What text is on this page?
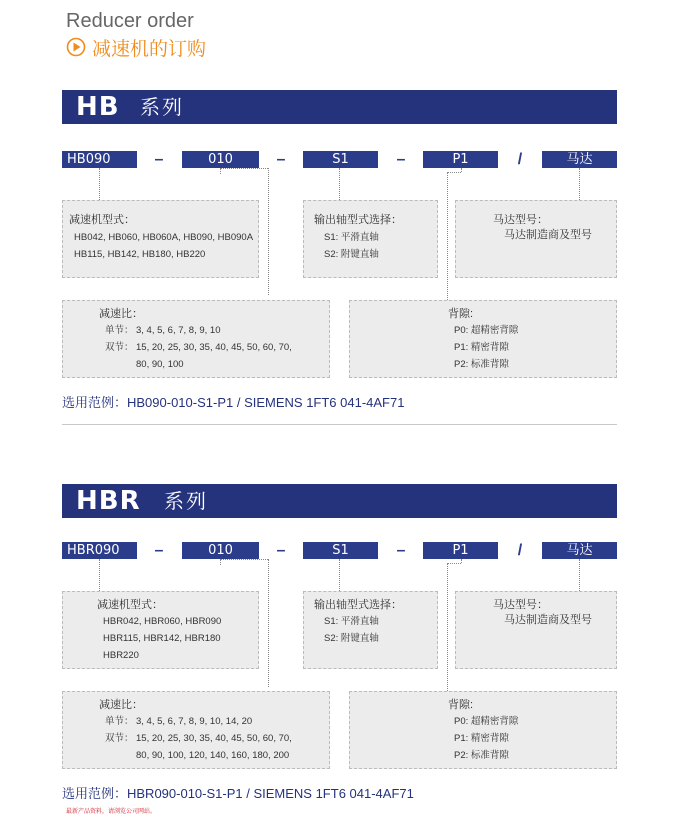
Reducer order
减速机的订购
HB 系列
HB090	–	010	–	S1	–	P1	/	马达
减速机型式：
HB042, HB060, HB060A, HB090, HB090A
HB115, HB142, HB180, HB220
输出轴型式选择：
S1: 平滑直轴
S2: 附键直轴
马达型号：
马达制造商及型号
减速比：
单节： 3, 4, 5, 6, 7, 8, 9, 10
双节： 15, 20, 25, 30, 35, 40, 45, 50, 60, 70,
80, 90, 100
背隙:
P0: 超精密背隙
P1: 精密背隙
P2: 标准背隙
选用范例：HB090-010-S1-P1 / SIEMENS 1FT6 041-4AF71
HBR 系列
HBR090	–	010	–	S1	–	P1	/	马达
减速机型式：
HBR042, HBR060, HBR090
HBR115, HBR142, HBR180
HBR220
输出轴型式选择：
S1: 平滑直轴
S2: 附键直轴
马达型号：
马达制造商及型号
减速比：
单节： 3, 4, 5, 6, 7, 8, 9, 10, 14, 20
双节： 15, 20, 25, 30, 35, 40, 45, 50, 60, 70,
80, 90, 100, 120, 140, 160, 180, 200
背隙:
P0: 超精密背隙
P1: 精密背隙
P2: 标准背隙
选用范例：HBR090-010-S1-P1 / SIEMENS 1FT6 041-4AF71
最新产品资料，请浏览公司网站。
